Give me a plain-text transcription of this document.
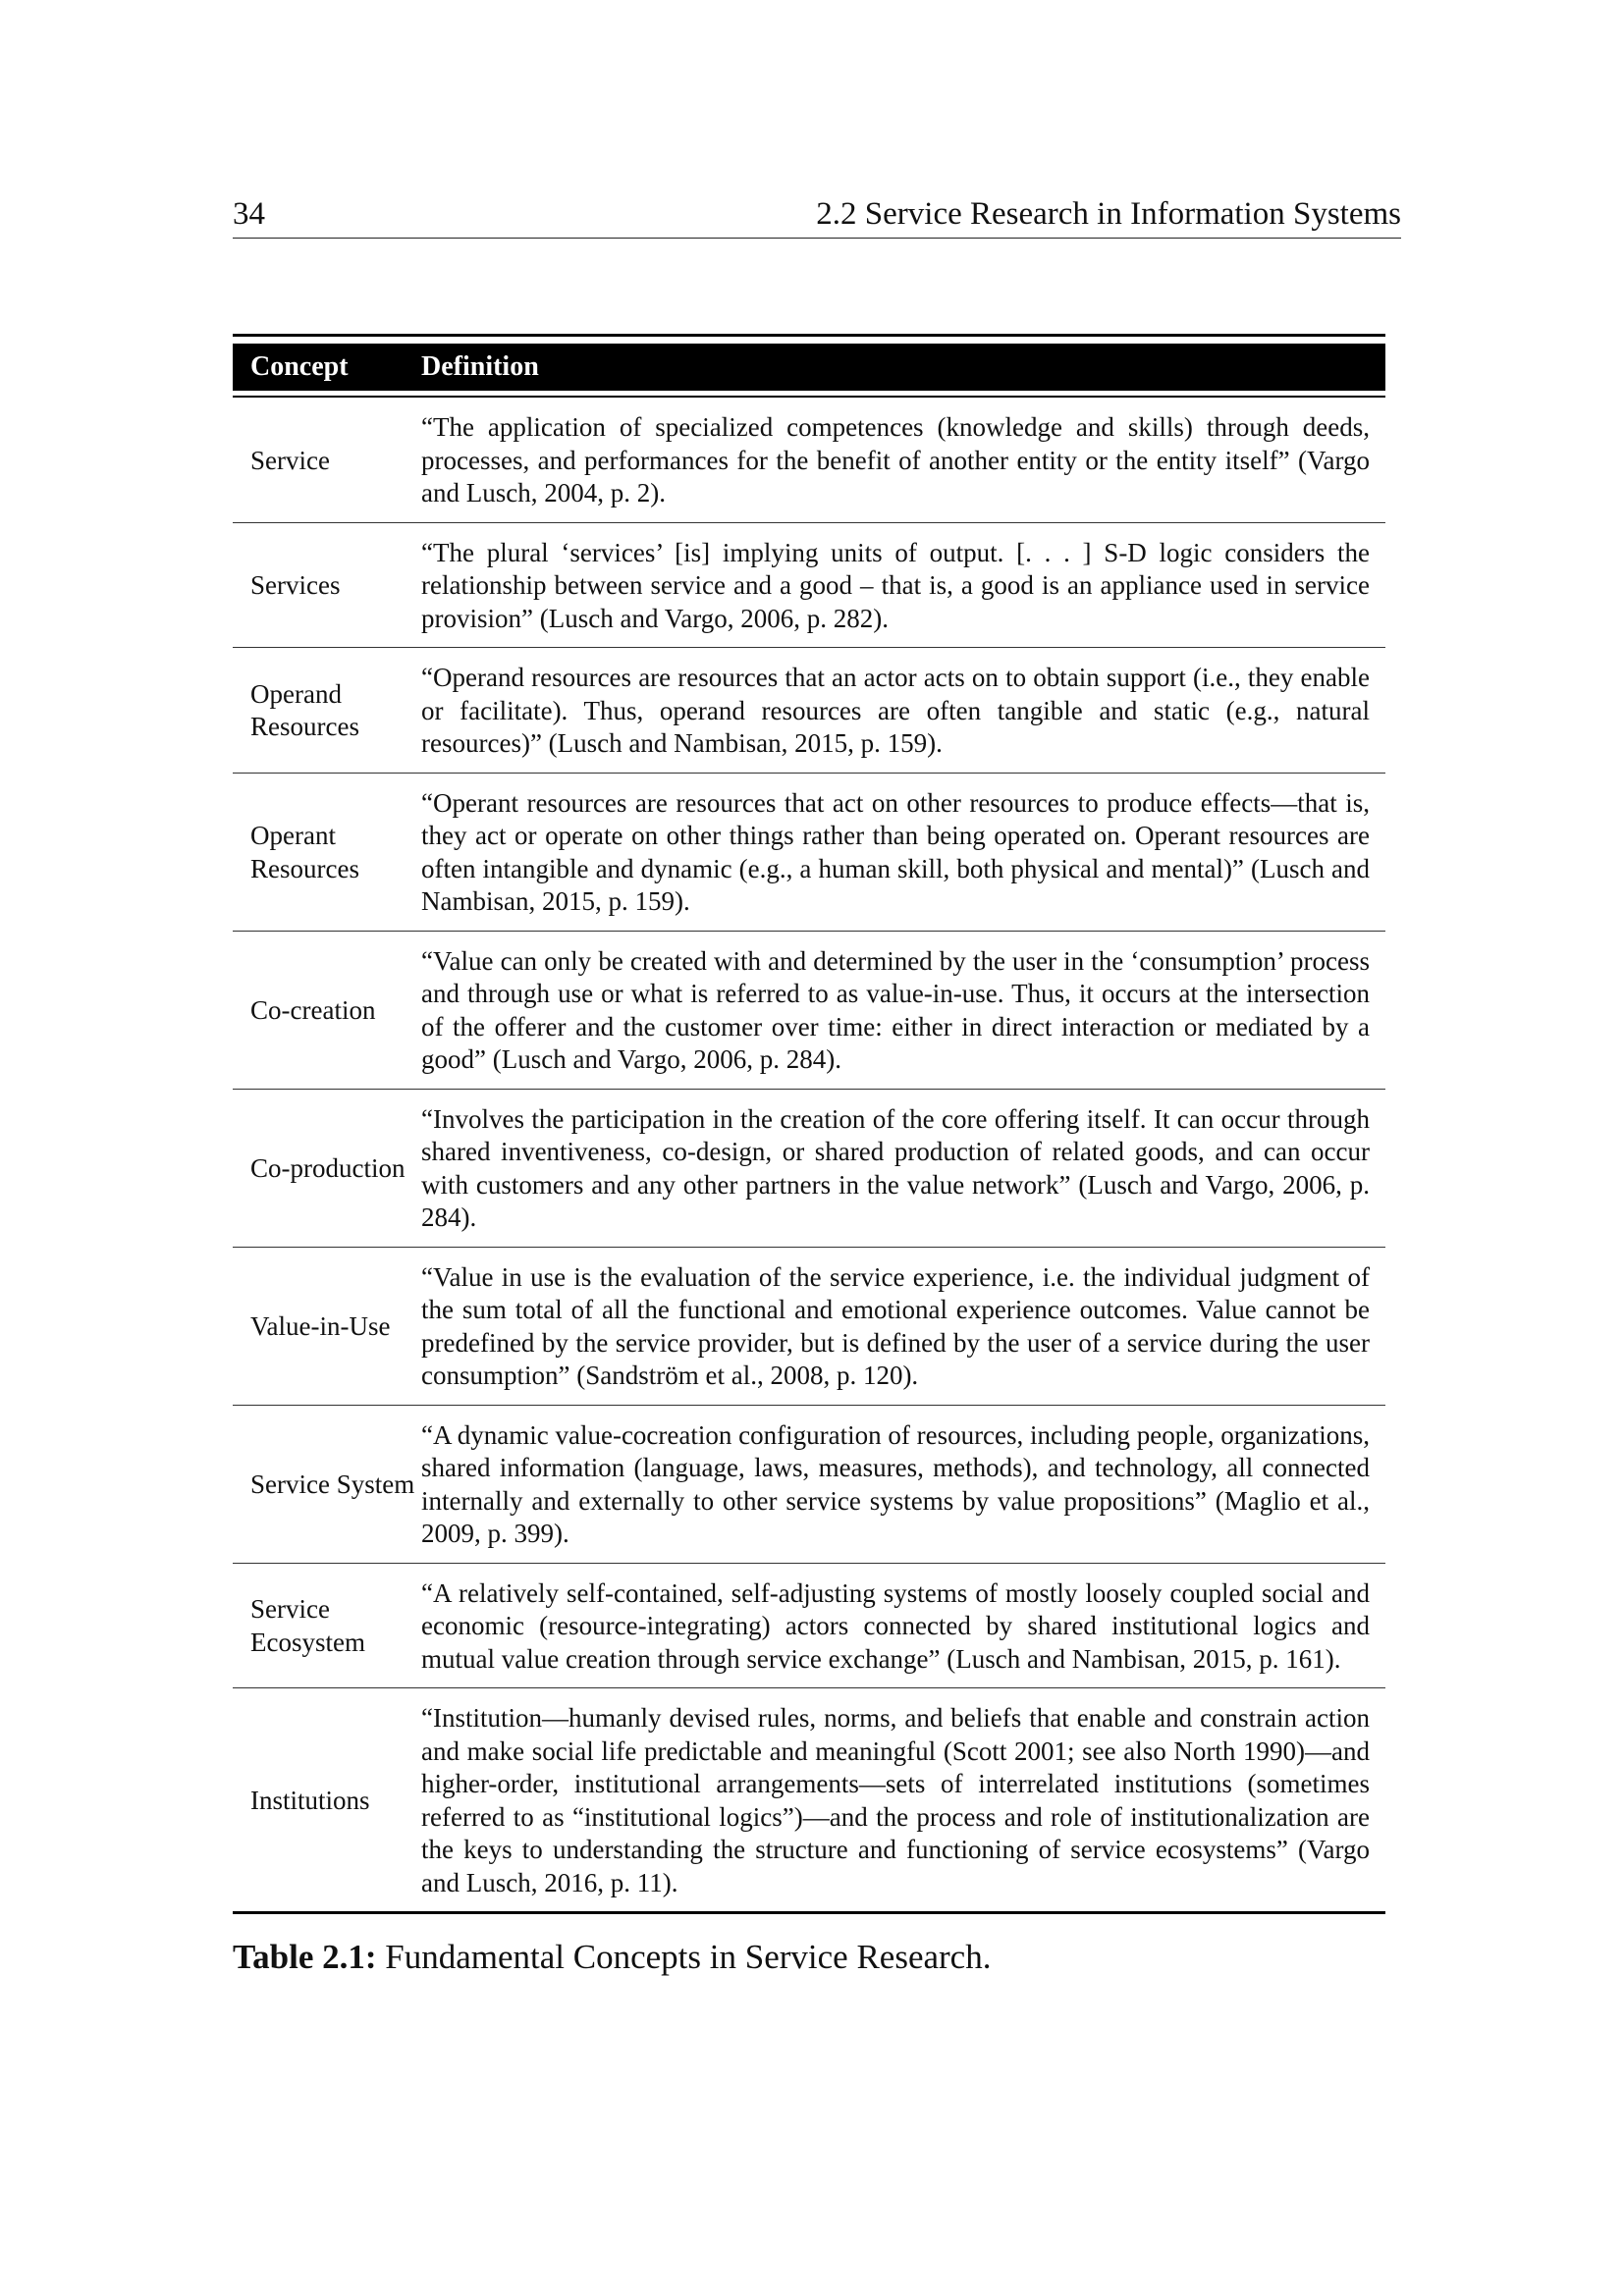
34	2.2 Service Research in Information Systems
Concept	Definition
Service
“The application of specialized competences (knowledge and skills) through deeds, processes, and performances for the benefit of another entity or the entity itself” (Vargo and Lusch, 2004, p. 2).
Services
“The plural ‘services’ [is] implying units of output. [. . . ] S-D logic considers the relationship between service and a good – that is, a good is an appliance used in service provision” (Lusch and Vargo, 2006, p. 282).
Operand Resources
“Operand resources are resources that an actor acts on to obtain support (i.e., they enable or facilitate). Thus, operand resources are often tangible and static (e.g., natural resources)” (Lusch and Nambisan, 2015, p. 159).
Operant Resources
“Operant resources are resources that act on other resources to produce effects—that is, they act or operate on other things rather than being operated on. Operant resources are often intangible and dynamic (e.g., a human skill, both physical and mental)” (Lusch and Nambisan, 2015, p. 159).
Co-creation
“Value can only be created with and determined by the user in the ‘consumption’ process and through use or what is referred to as value-in-use. Thus, it occurs at the intersection of the offerer and the customer over time: either in direct interaction or mediated by a good” (Lusch and Vargo, 2006, p. 284).
Co-production
“Involves the participation in the creation of the core offering itself. It can occur through shared inventiveness, co-design, or shared production of related goods, and can occur with customers and any other partners in the value network” (Lusch and Vargo, 2006, p. 284).
Value-in-Use
“Value in use is the evaluation of the service experience, i.e. the individual judgment of the sum total of all the functional and emotional experience outcomes. Value cannot be predefined by the service provider, but is defined by the user of a service during the user consumption” (Sandström et al., 2008, p. 120).
Service System
“A dynamic value-cocreation configuration of resources, including people, organizations, shared information (language, laws, measures, methods), and technology, all connected internally and externally to other service systems by value propositions” (Maglio et al., 2009, p. 399).
Service Ecosystem
“A relatively self-contained, self-adjusting systems of mostly loosely coupled social and economic (resource-integrating) actors connected by shared institutional logics and mutual value creation through service exchange” (Lusch and Nambisan, 2015, p. 161).
Institutions
“Institution—humanly devised rules, norms, and beliefs that enable and constrain action and make social life predictable and meaningful (Scott 2001; see also North 1990)—and higher-order, institutional arrangements—sets of interrelated institutions (sometimes referred to as “institutional logics”)—and the process and role of institutionalization are the keys to understanding the structure and functioning of service ecosystems” (Vargo and Lusch, 2016, p. 11).
Table 2.1: Fundamental Concepts in Service Research.
